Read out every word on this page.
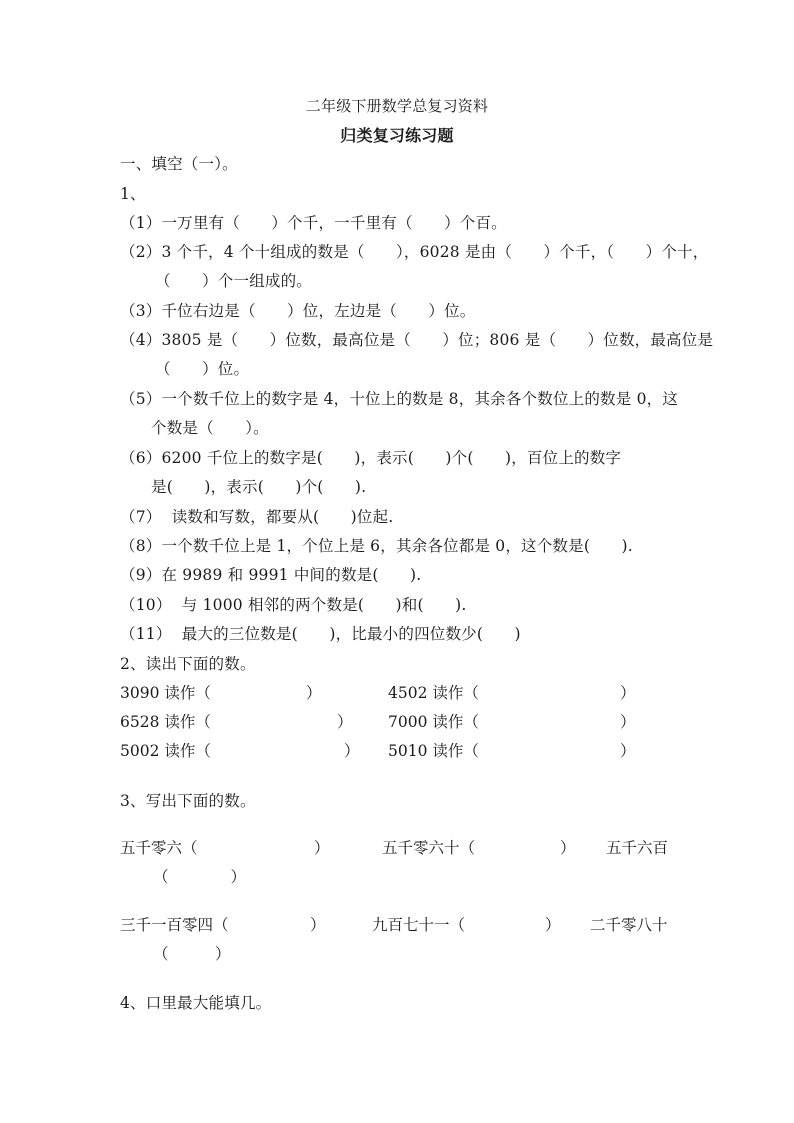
二年级下册数学总复习资料
归类复习练习题
一、填空（一）。
1、
（1）一万里有（　　）个千，一千里有（　　）个百。
（2）3 个千，4 个十组成的数是（　　），6028 是由（　　）个千，（　　）个十，
（　　）个一组成的。
（3）千位右边是（　　）位，左边是（　　）位。
（4）3805 是（　　）位数，最高位是（　　）位；806 是（　　）位数，最高位是
（　　）位。
（5）一个数千位上的数字是 4，十位上的数是 8，其余各个数位上的数是 0，这
个数是（　　）。
（6）6200 千位上的数字是(　　)，表示(　　)个(　　)，百位上的数字
是(　　)，表示(　　)个(　　).
（7）  读数和写数，都要从(　　)位起.
（8）一个数千位上是 1，个位上是 6，其余各位都是 0，这个数是(　　).
（9）在 9989 和 9991 中间的数是(　　).
（10）  与 1000 相邻的两个数是(　　)和(　　).
（11）  最大的三位数是(　　)，比最小的四位数少(　　)
2、读出下面的数。
3090 读作（	）	4502 读作（	）
6528 读作（	） 7000 读作（	）
5002 读作（	） 5010 读作（	）
3、写出下面的数。
五千零六（	）	五千零六十（	） 五千六百
（　　　　）
三千一百零四（	）	九百七十一（	） 二千零八十
（　　　）
4、口里最大能填几。
